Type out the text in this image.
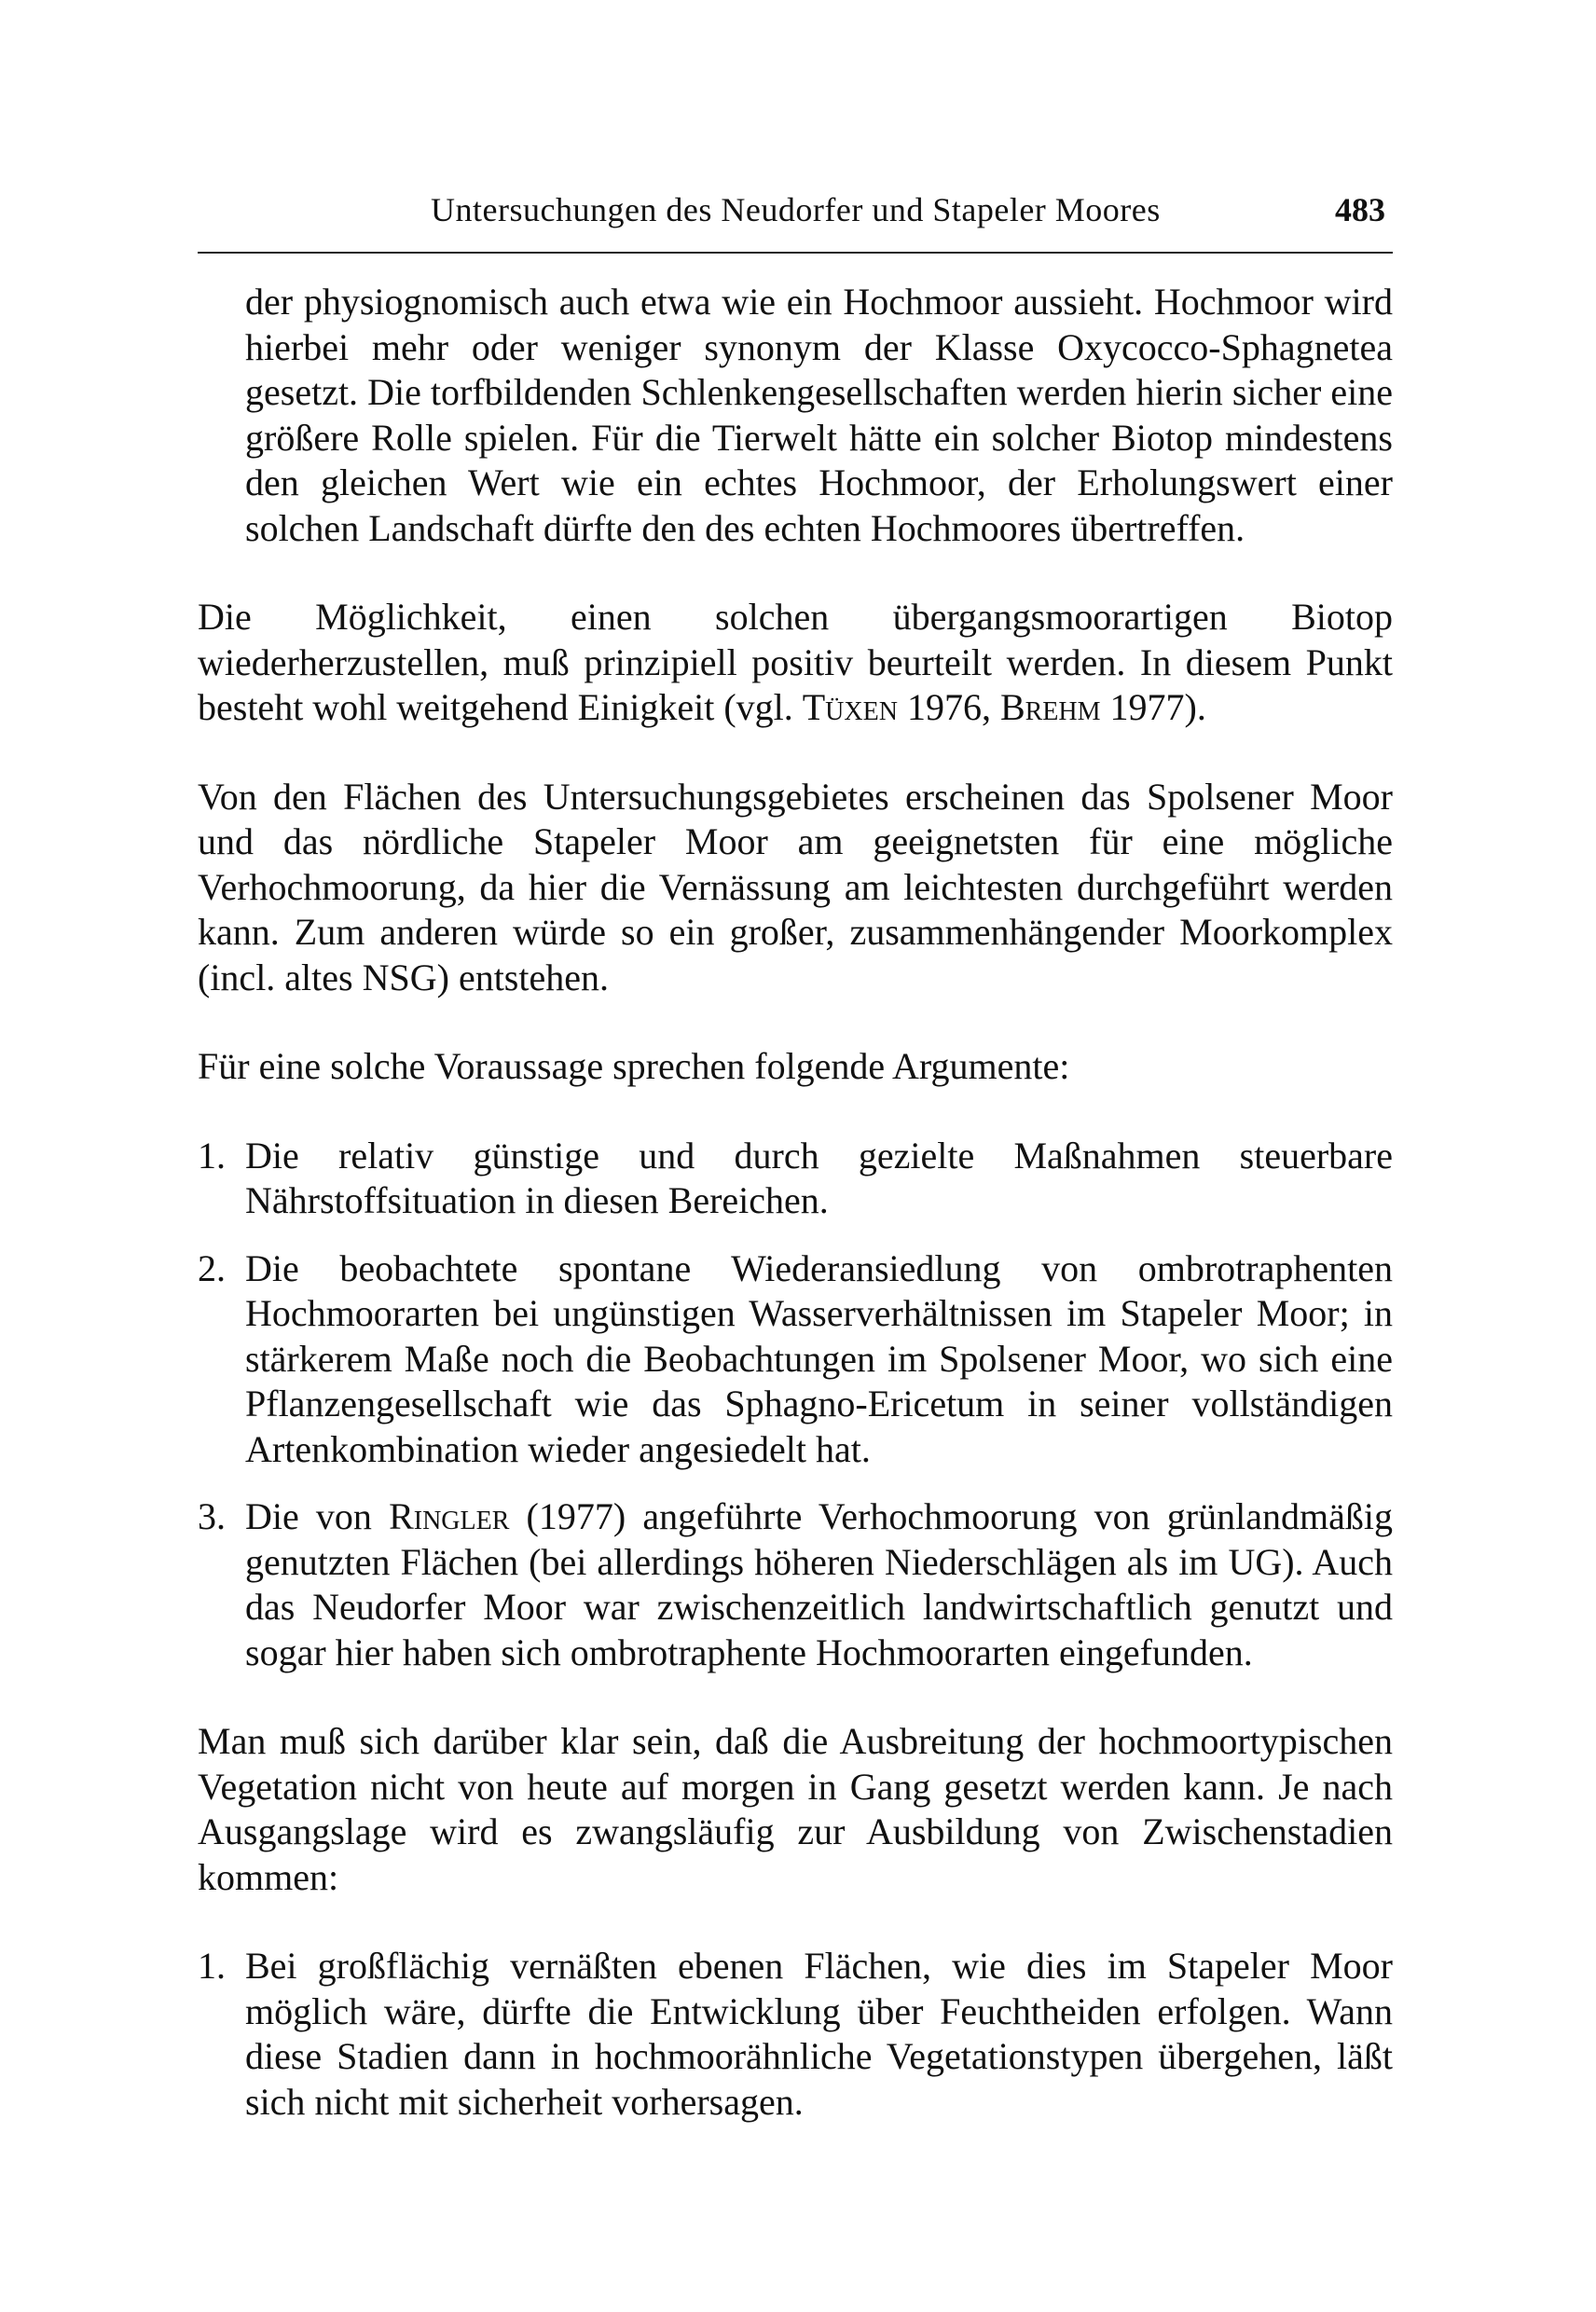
Untersuchungen des Neudorfer und Stapeler Moores	483

der physiognomisch auch etwa wie ein Hochmoor aussieht. Hochmoor wird hierbei mehr oder weniger synonym der Klasse Oxycocco-Sphagnetea gesetzt. Die torfbildenden Schlenkengesellschaften werden hierin sicher eine größere Rolle spielen. Für die Tierwelt hätte ein solcher Biotop mindestens den gleichen Wert wie ein echtes Hochmoor, der Erholungswert einer solchen Landschaft dürfte den des echten Hochmoores übertreffen.

Die Möglichkeit, einen solchen übergangsmoorartigen Biotop wiederherzustellen, muß prinzipiell positiv beurteilt werden. In diesem Punkt besteht wohl weitgehend Einigkeit (vgl. Tüxen 1976, Brehm 1977).

Von den Flächen des Untersuchungsgebietes erscheinen das Spolsener Moor und das nördliche Stapeler Moor am geeignetsten für eine mögliche Verhochmoorung, da hier die Vernässung am leichtesten durchgeführt werden kann. Zum anderen würde so ein großer, zusammenhängender Moorkomplex (incl. altes NSG) entstehen.

Für eine solche Voraussage sprechen folgende Argumente:

1. Die relativ günstige und durch gezielte Maßnahmen steuerbare Nährstoffsituation in diesen Bereichen.
2. Die beobachtete spontane Wiederansiedlung von ombrotraphenten Hochmoorarten bei ungünstigen Wasserverhältnissen im Stapeler Moor; in stärkerem Maße noch die Beobachtungen im Spolsener Moor, wo sich eine Pflanzengesellschaft wie das Sphagno-Ericetum in seiner vollständigen Artenkombination wieder angesiedelt hat.
3. Die von Ringler (1977) angeführte Verhochmoorung von grünlandmäßig genutzten Flächen (bei allerdings höheren Niederschlägen als im UG). Auch das Neudorfer Moor war zwischenzeitlich landwirtschaftlich genutzt und sogar hier haben sich ombrotraphente Hochmoorarten eingefunden.

Man muß sich darüber klar sein, daß die Ausbreitung der hochmoortypischen Vegetation nicht von heute auf morgen in Gang gesetzt werden kann. Je nach Ausgangslage wird es zwangsläufig zur Ausbildung von Zwischenstadien kommen:

1. Bei großflächig vernäßten ebenen Flächen, wie dies im Stapeler Moor möglich wäre, dürfte die Entwicklung über Feuchtheiden erfolgen. Wann diese Stadien dann in hochmoorähnliche Vegetationstypen übergehen, läßt sich nicht mit sicherheit vorhersagen.
